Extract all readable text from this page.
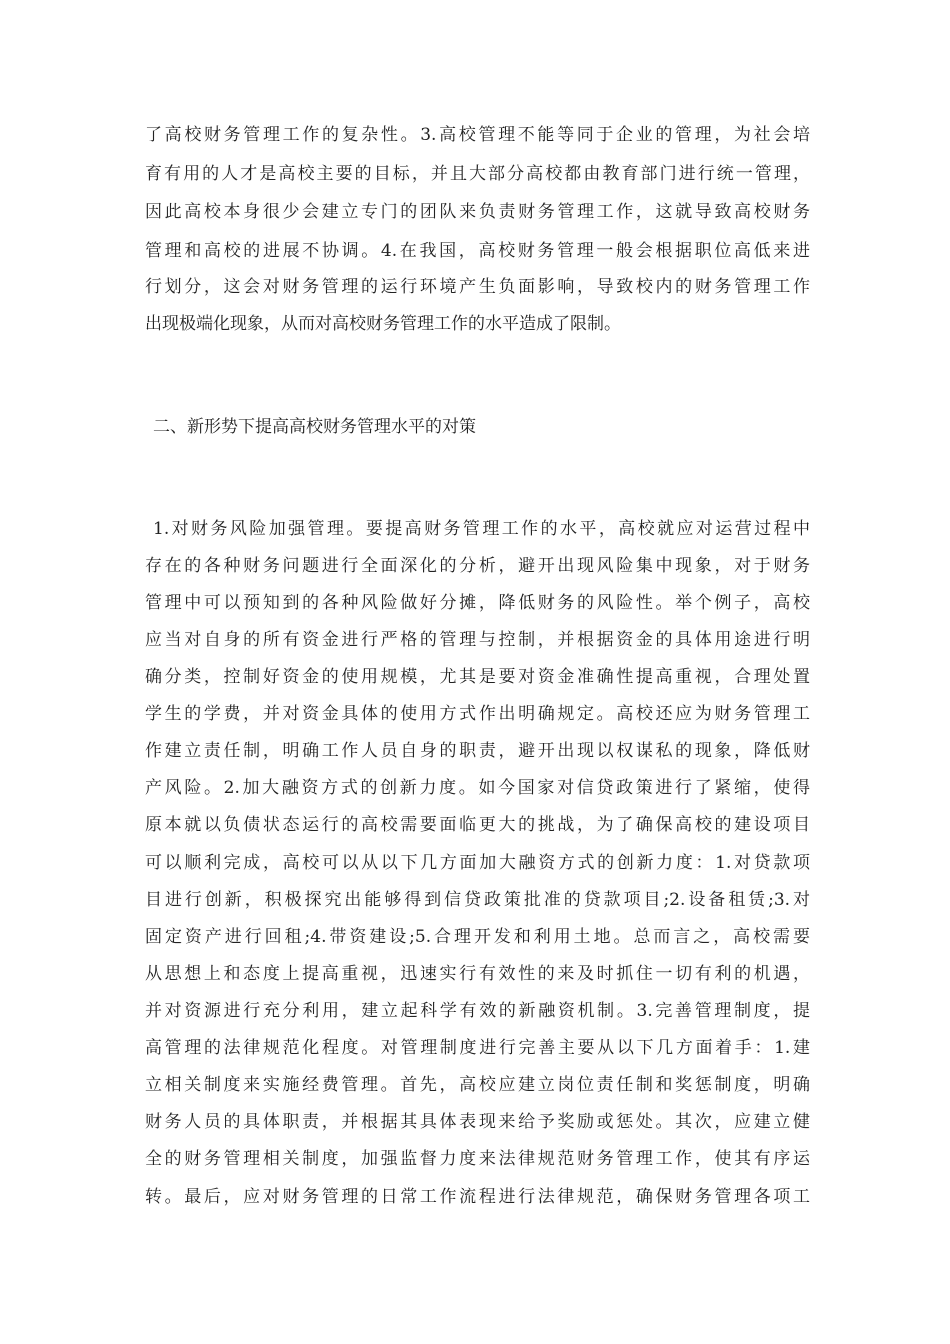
了高校财务管理工作的复杂性。3.高校管理不能等同于企业的管理，为社会培
育有用的人才是高校主要的目标，并且大部分高校都由教育部门进行统一管理，
因此高校本身很少会建立专门的团队来负责财务管理工作，这就导致高校财务
管理和高校的进展不协调。4.在我国，高校财务管理一般会根据职位高低来进
行划分，这会对财务管理的运行环境产生负面影响，导致校内的财务管理工作
出现极端化现象，从而对高校财务管理工作的水平造成了限制。
二、新形势下提高高校财务管理水平的对策
1.对财务风险加强管理。要提高财务管理工作的水平，高校就应对运营过程中
存在的各种财务问题进行全面深化的分析，避开出现风险集中现象，对于财务
管理中可以预知到的各种风险做好分摊，降低财务的风险性。举个例子，高校
应当对自身的所有资金进行严格的管理与控制，并根据资金的具体用途进行明
确分类，控制好资金的使用规模，尤其是要对资金准确性提高重视，合理处置
学生的学费，并对资金具体的使用方式作出明确规定。高校还应为财务管理工
作建立责任制，明确工作人员自身的职责，避开出现以权谋私的现象，降低财
产风险。2.加大融资方式的创新力度。如今国家对信贷政策进行了紧缩，使得
原本就以负债状态运行的高校需要面临更大的挑战，为了确保高校的建设项目
可以顺利完成，高校可以从以下几方面加大融资方式的创新力度：1.对贷款项
目进行创新，积极探究出能够得到信贷政策批准的贷款项目;2.设备租赁;3.对
固定资产进行回租;4.带资建设;5.合理开发和利用土地。总而言之，高校需要
从思想上和态度上提高重视，迅速实行有效性的来及时抓住一切有利的机遇，
并对资源进行充分利用，建立起科学有效的新融资机制。3.完善管理制度，提
高管理的法律规范化程度。对管理制度进行完善主要从以下几方面着手：1.建
立相关制度来实施经费管理。首先，高校应建立岗位责任制和奖惩制度，明确
财务人员的具体职责，并根据其具体表现来给予奖励或惩处。其次，应建立健
全的财务管理相关制度，加强监督力度来法律规范财务管理工作，使其有序运
转。最后，应对财务管理的日常工作流程进行法律规范，确保财务管理各项工
